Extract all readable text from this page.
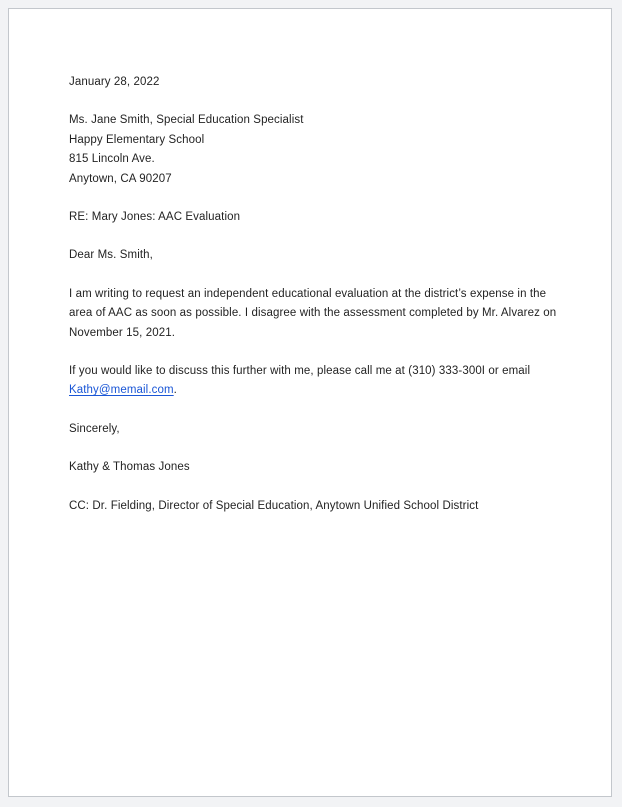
January 28, 2022
Ms. Jane Smith, Special Education Specialist
Happy Elementary School
815 Lincoln Ave.
Anytown, CA 90207
RE: Mary Jones: AAC Evaluation
Dear Ms. Smith,

I am writing to request an independent educational evaluation at the district’s expense in the area of AAC as soon as possible. I disagree with the assessment completed by Mr. Alvarez on November 15, 2021.

If you would like to discuss this further with me, please call me at (310) 333-300I or email Kathy@memail.com.

Sincerely,
Kathy & Thomas Jones
CC: Dr. Fielding, Director of Special Education, Anytown Unified School District
